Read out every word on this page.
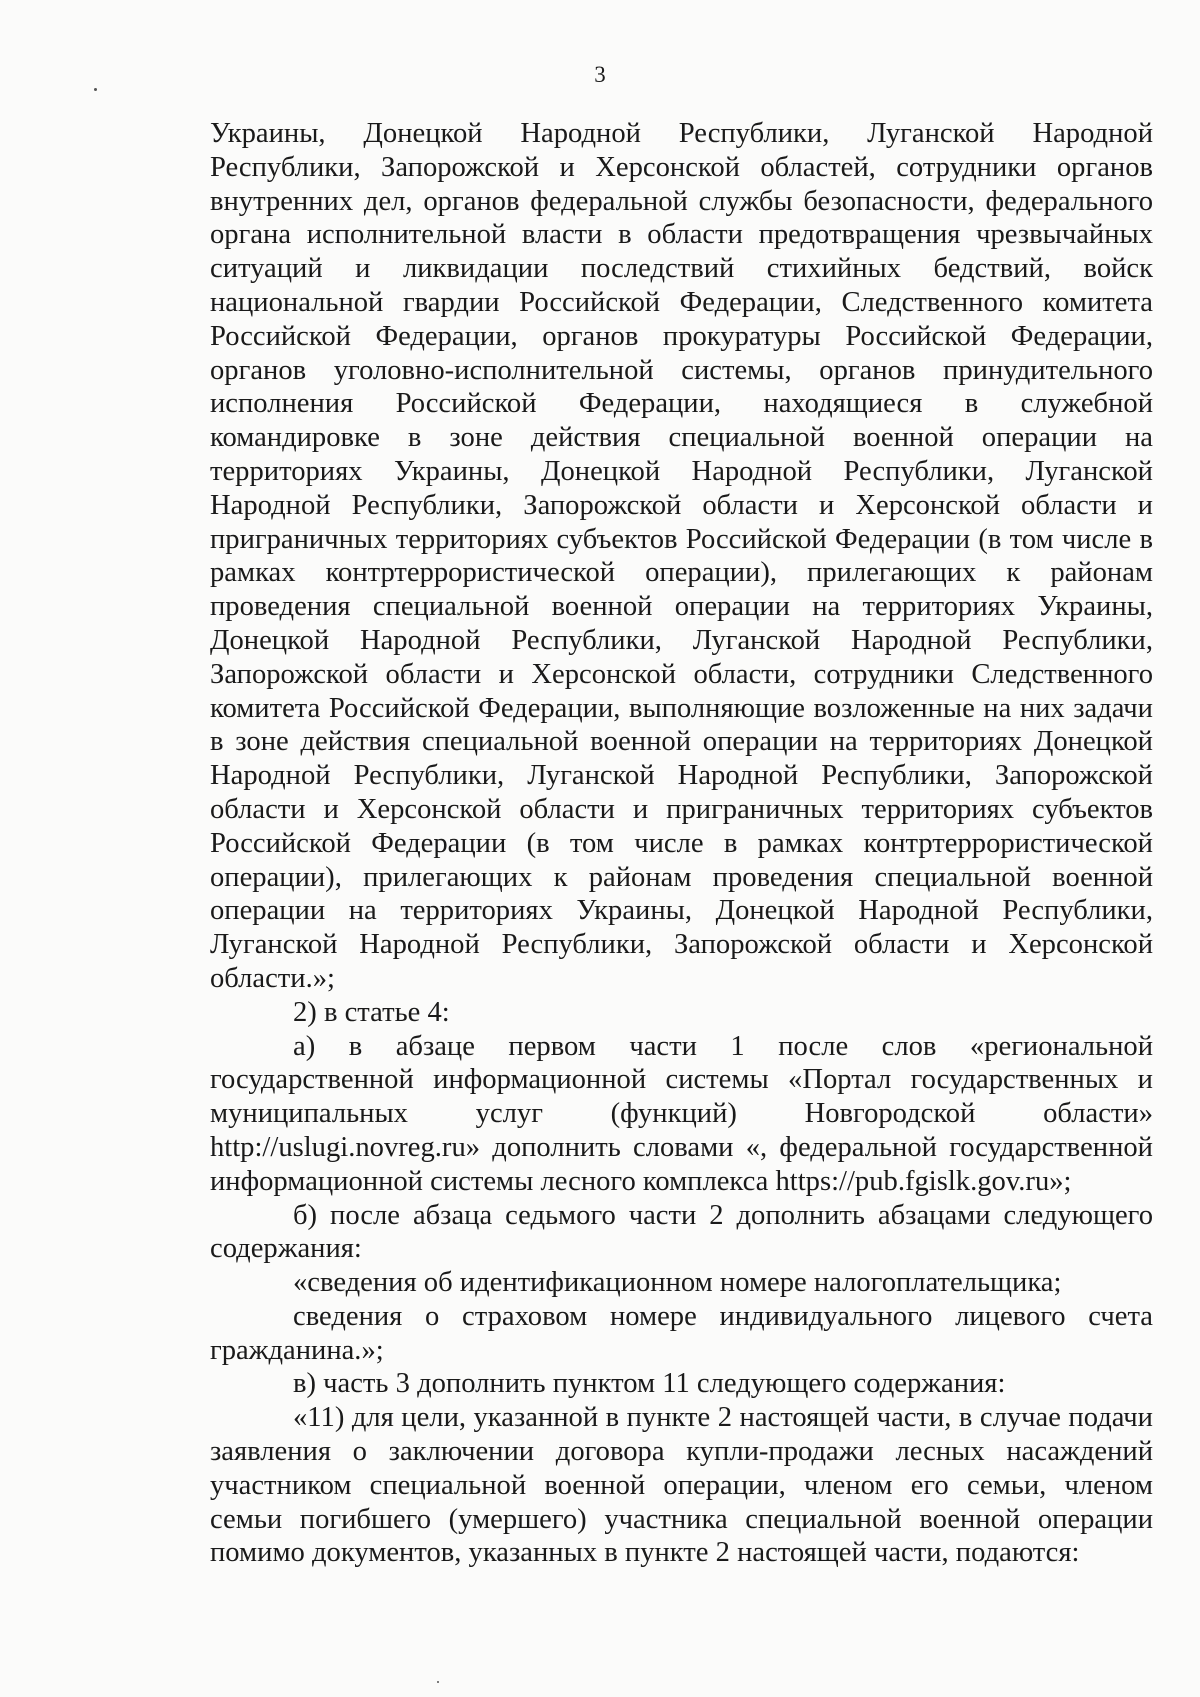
3

Украины, Донецкой Народной Республики, Луганской Народной Республики, Запорожской и Херсонской областей, сотрудники органов внутренних дел, органов федеральной службы безопасности, федерального органа исполнительной власти в области предотвращения чрезвычайных ситуаций и ликвидации последствий стихийных бедствий, войск национальной гвардии Российской Федерации, Следственного комитета Российской Федерации, органов прокуратуры Российской Федерации, органов уголовно-исполнительной системы, органов принудительного исполнения Российской Федерации, находящиеся в служебной командировке в зоне действия специальной военной операции на территориях Украины, Донецкой Народной Республики, Луганской Народной Республики, Запорожской области и Херсонской области и приграничных территориях субъектов Российской Федерации (в том числе в рамках контртеррористической операции), прилегающих к районам проведения специальной военной операции на территориях Украины, Донецкой Народной Республики, Луганской Народной Республики, Запорожской области и Херсонской области, сотрудники Следственного комитета Российской Федерации, выполняющие возложенные на них задачи в зоне действия специальной военной операции на территориях Донецкой Народной Республики, Луганской Народной Республики, Запорожской области и Херсонской области и приграничных территориях субъектов Российской Федерации (в том числе в рамках контртеррористической операции), прилегающих к районам проведения специальной военной операции на территориях Украины, Донецкой Народной Республики, Луганской Народной Республики, Запорожской области и Херсонской области.»;

2) в статье 4:

а) в абзаце первом части 1 после слов «региональной государственной информационной системы «Портал государственных и муниципальных услуг (функций) Новгородской области» http://uslugi.novreg.ru» дополнить словами «, федеральной государственной информационной системы лесного комплекса https://pub.fgislk.gov.ru»;

б) после абзаца седьмого части 2 дополнить абзацами следующего содержания:

«сведения об идентификационном номере налогоплательщика;

сведения о страховом номере индивидуального лицевого счета гражданина.»;

в) часть 3 дополнить пунктом 11 следующего содержания:

«11) для цели, указанной в пункте 2 настоящей части, в случае подачи заявления о заключении договора купли-продажи лесных насаждений участником специальной военной операции, членом его семьи, членом семьи погибшего (умершего) участника специальной военной операции помимо документов, указанных в пункте 2 настоящей части, подаются:
